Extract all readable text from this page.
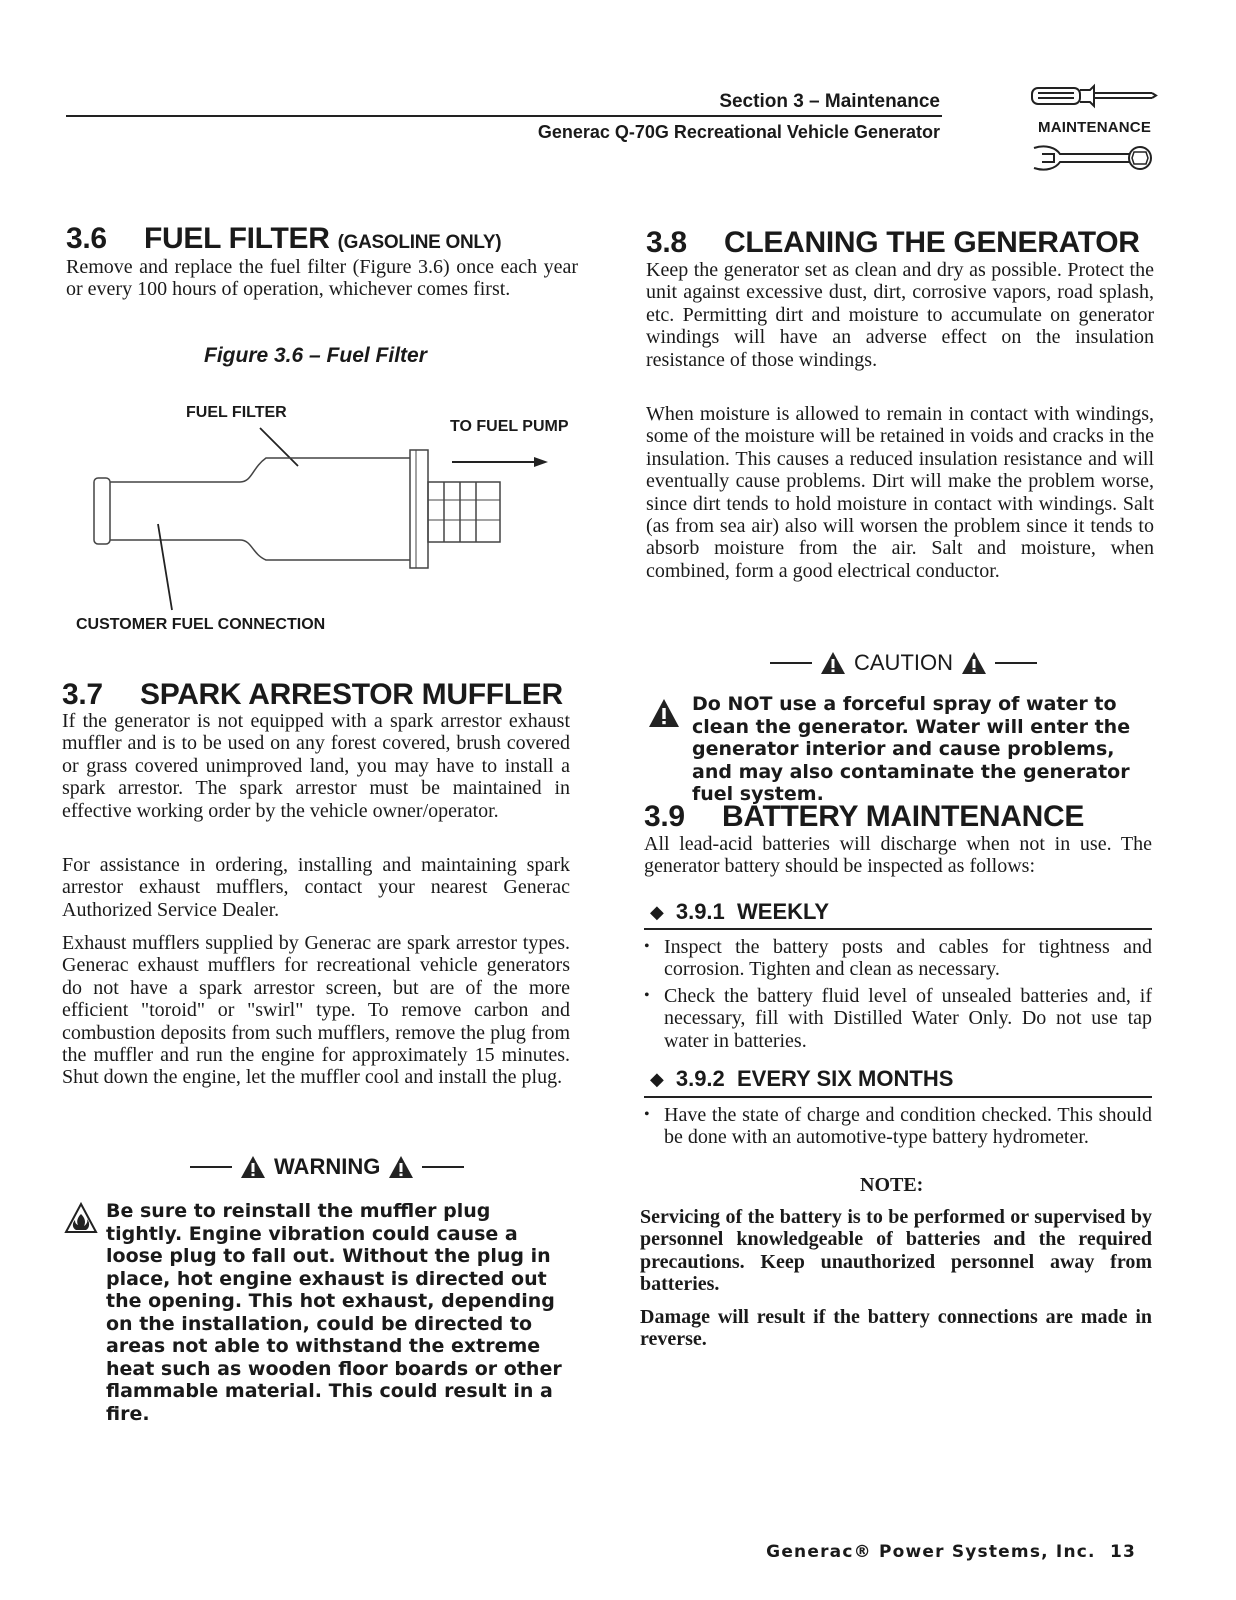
Section 3 – Maintenance
Generac Q-70G Recreational Vehicle Generator	MAINTENANCE
3.6 FUEL FILTER (GASOLINE ONLY)

Remove and replace the fuel filter (Figure 3.6) once each year or every 100 hours of operation, whichever comes first.

Figure 3.6 – Fuel Filter
FUEL FILTER
TO FUEL PUMP
CUSTOMER FUEL CONNECTION
3.7 SPARK ARRESTOR MUFFLER

If the generator is not equipped with a spark arrestor exhaust muffler and is to be used on any forest covered, brush covered or grass covered unimproved land, you may have to install a spark arrestor. The spark arrestor must be maintained in effective working order by the vehicle owner/operator.

For assistance in ordering, installing and maintaining spark arrestor exhaust mufflers, contact your nearest Generac Authorized Service Dealer.

Exhaust mufflers supplied by Generac are spark arrestor types. Generac exhaust mufflers for recreational vehicle generators do not have a spark arrestor screen, but are of the more efficient "toroid" or "swirl" type. To remove carbon and combustion deposits from such mufflers, remove the plug from the muffler and run the engine for approximately 15 minutes. Shut down the engine, let the muffler cool and install the plug.

WARNING

Be sure to reinstall the muffler plug tightly. Engine vibration could cause a loose plug to fall out. Without the plug in place, hot engine exhaust is directed out the opening. This hot exhaust, depending on the installation, could be directed to areas not able to withstand the extreme heat such as wooden floor boards or other flammable material. This could result in a fire.

3.8 CLEANING THE GENERATOR

Keep the generator set as clean and dry as possible. Protect the unit against excessive dust, dirt, corrosive vapors, road splash, etc. Permitting dirt and moisture to accumulate on generator windings will have an adverse effect on the insulation resistance of those windings.

When moisture is allowed to remain in contact with windings, some of the moisture will be retained in voids and cracks in the insulation. This causes a reduced insulation resistance and will eventually cause problems. Dirt will make the problem worse, since dirt tends to hold moisture in contact with windings. Salt (as from sea air) also will worsen the problem since it tends to absorb moisture from the air. Salt and moisture, when combined, form a good electrical conductor.

CAUTION

Do NOT use a forceful spray of water to clean the generator. Water will enter the generator interior and cause problems, and may also contaminate the generator fuel system.

3.9 BATTERY MAINTENANCE

All lead-acid batteries will discharge when not in use. The generator battery should be inspected as follows:

◆ 3.9.1  WEEKLY
• Inspect the battery posts and cables for tightness and corrosion. Tighten and clean as necessary.
• Check the battery fluid level of unsealed batteries and, if necessary, fill with Distilled Water Only. Do not use tap water in batteries.
◆ 3.9.2  EVERY SIX MONTHS
• Have the state of charge and condition checked. This should be done with an automotive-type battery hydrometer.
NOTE:

Servicing of the battery is to be performed or supervised by personnel knowledgeable of batteries and the required precautions. Keep unauthorized personnel away from batteries.

Damage will result if the battery connections are made in reverse.

Generac® Power Systems, Inc. 13
